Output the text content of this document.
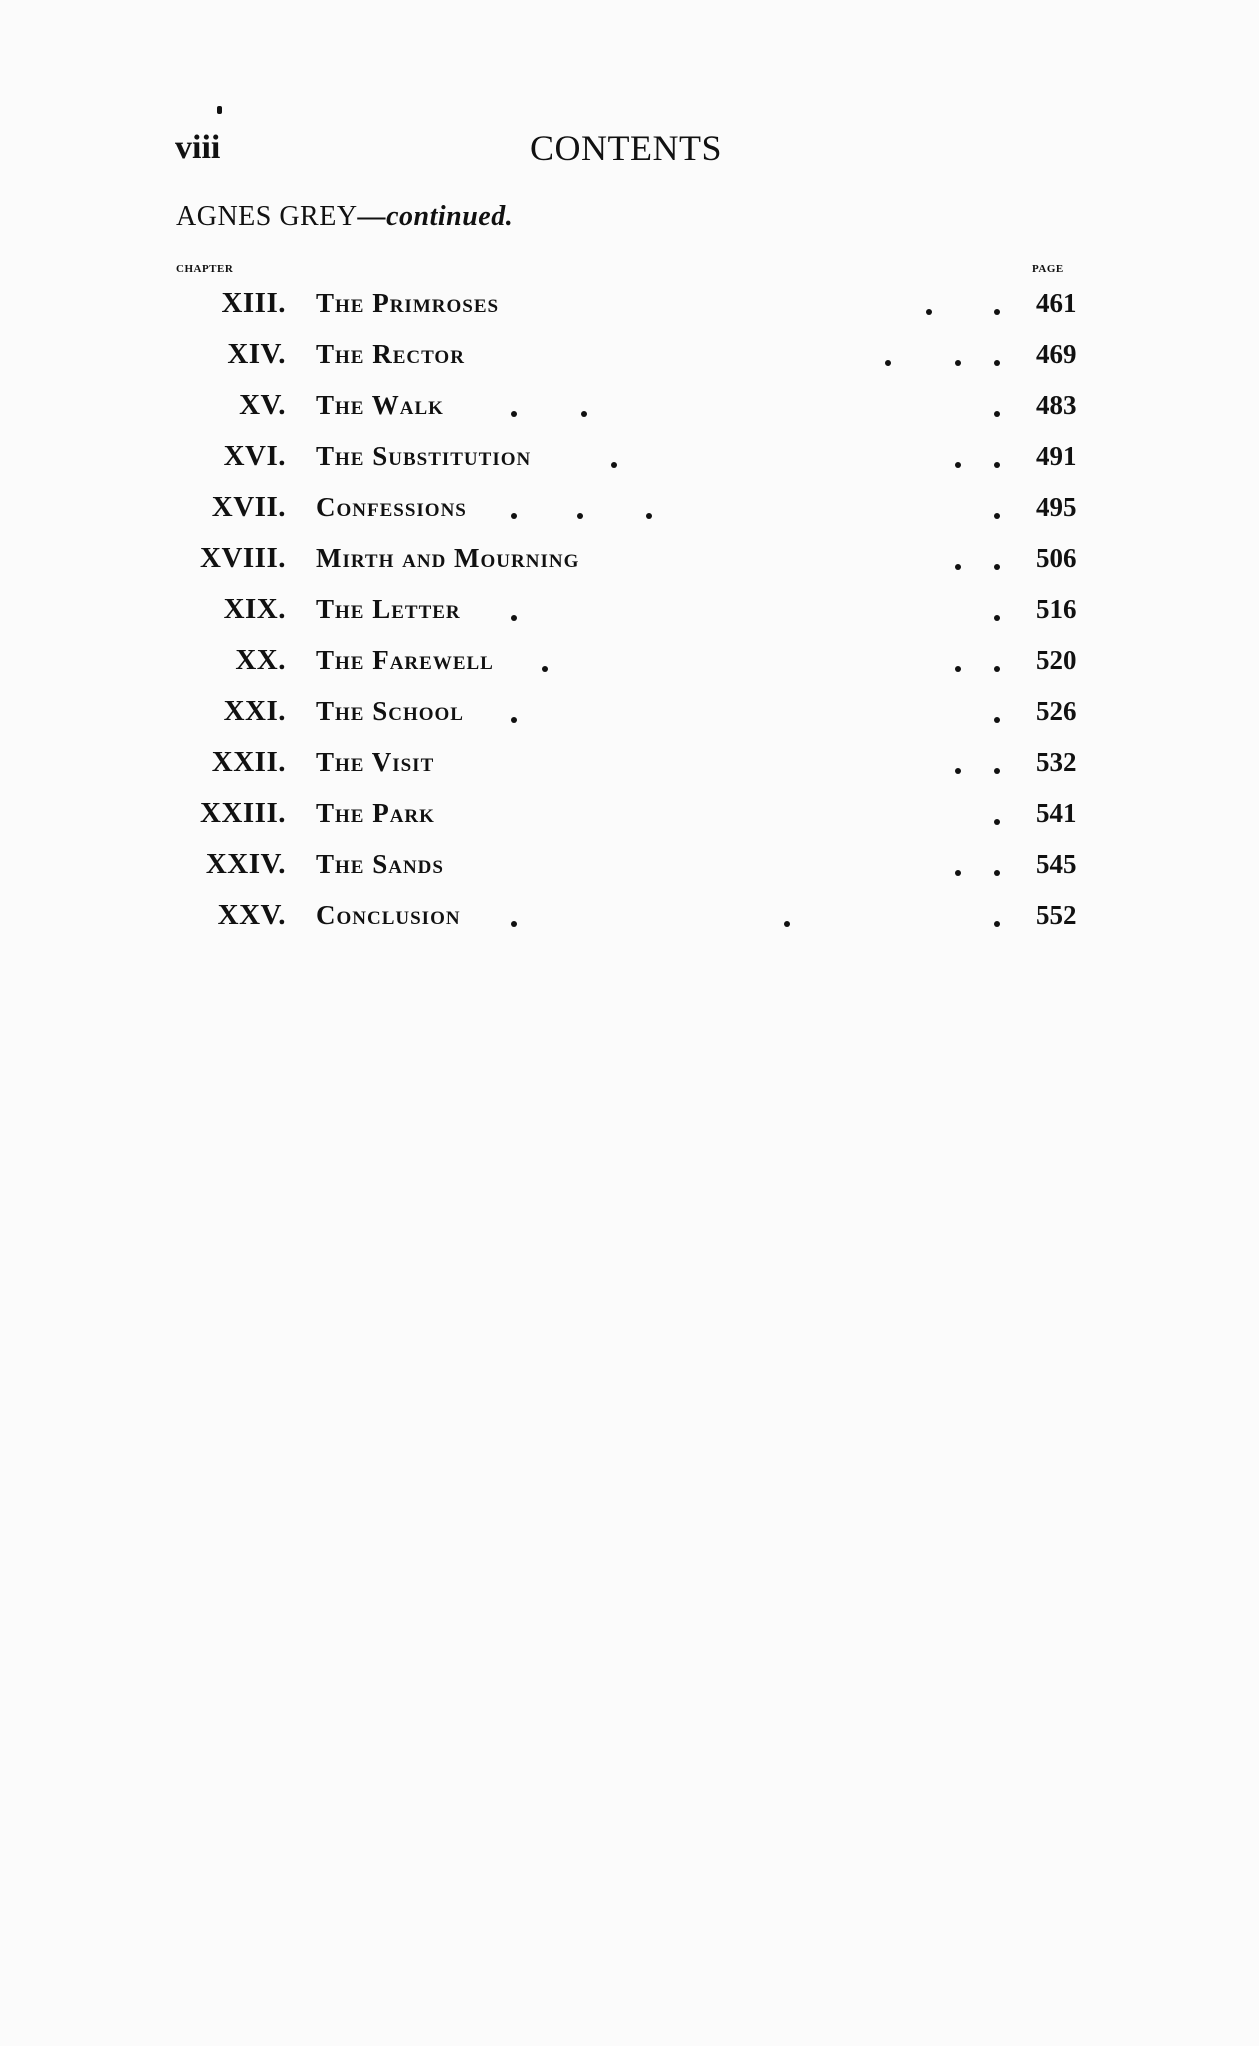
viii	CONTENTS
AGNES GREY—continued.
chapter	page
XIII. The Primroses	461
XIV. The Rector	469
XV. The Walk	483
XVI. The Substitution	491
XVII. Confessions	495
XVIII. Mirth and Mourning	506
XIX. The Letter	516
XX. The Farewell	520
XXI. The School	526
XXII. The Visit	532
XXIII. The Park	541
XXIV. The Sands	545
XXV. Conclusion	552
